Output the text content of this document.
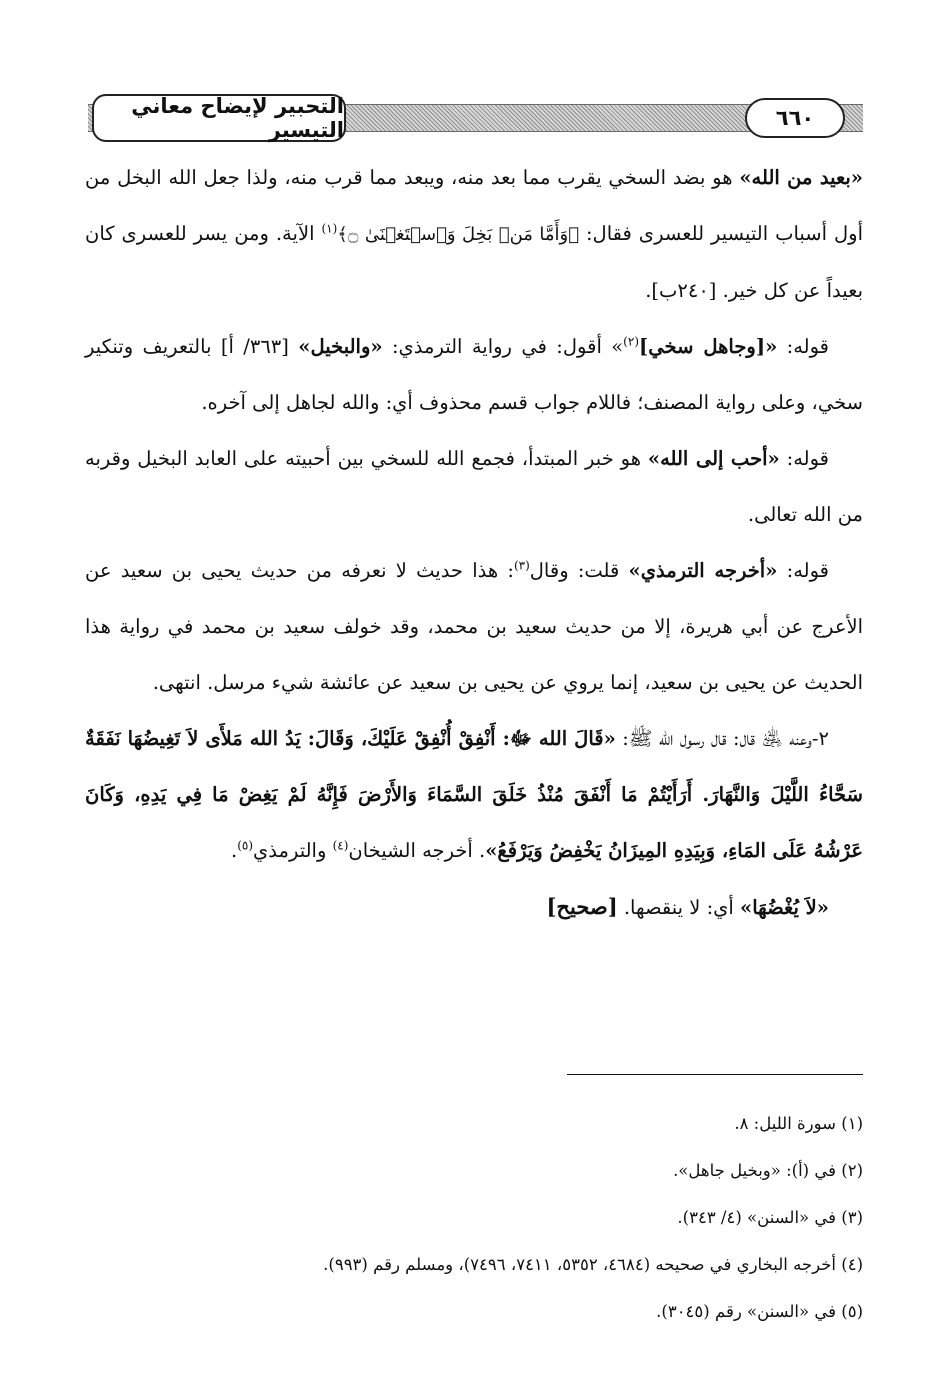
التحبير لإيضاح معاني التيسير	٦٦٠

«بعيد من الله» هو بضد السخي يقرب مما بعد منه، ويبعد مما قرب منه، ولذا جعل الله البخل من أول أسباب التيسير للعسرى فقال: ﴿وَأَمَّا مَنۢ بَخِلَ وَٱسۡتَغۡنَىٰ ۝﴾$^{(١)}$ الآية. ومن يسر للعسرى كان بعيداً عن كل خير. [٢٤٠ب].

قوله: «[وجاهل سخي]$^{(٢)}$» أقول: في رواية الترمذي: «والبخيل» [٣٦٣/ أ] بالتعريف وتنكير سخي، وعلى رواية المصنف؛ فاللام جواب قسم محذوف أي: والله لجاهل إلى آخره.

قوله: «أحب إلى الله» هو خبر المبتدأ، فجمع الله للسخي بين أحبيته على العابد البخيل وقربه من الله تعالى.

قوله: «أخرجه الترمذي» قلت: وقال$^{(٣)}$: هذا حديث لا نعرفه من حديث يحيى بن سعيد عن الأعرج عن أبي هريرة، إلا من حديث سعيد بن محمد، وقد خولف سعيد بن محمد في رواية هذا الحديث عن يحيى بن سعيد، إنما يروي عن يحيى بن سعيد عن عائشة شيء مرسل. انتهى.

٢-وعنه ﵁ قال: قال رسول الله ﷺ: «قَالَ الله ﷻ: أَنْفِقْ أُنْفِقْ عَلَيْكَ، وَقَالَ: يَدُ الله مَلأَى لاَ تَغِيضُهَا نَفَقَةٌ سَحَّاءُ اللَّيْلَ وَالنَّهَارَ. أَرَأَيْتُمْ مَا أَنْفَقَ مُنْذُ خَلَقَ السَّمَاءَ وَالأَرْضَ فَإِنَّهُ لَمْ يَغِضْ مَا فِي يَدِهِ، وَكَانَ عَرْشُهُ عَلَى المَاءِ، وَبِيَدِهِ المِيزَانُ يَخْفِضُ وَيَرْفَعُ». أخرجه الشيخان$^{(٤)}$ والترمذي$^{(٥)}$.

«لاَ يُغْضُهَا» أي: لا ينقصها. [صحيح]

(١) سورة الليل: ٨.

(٢) في (أ): «وبخيل جاهل».

(٣) في «السنن» (٤/ ٣٤٣).

(٤) أخرجه البخاري في صحيحه (٤٦٨٤، ٥٣٥٢، ٧٤١١، ٧٤٩٦)، ومسلم رقم (٩٩٣).

(٥) في «السنن» رقم (٣٠٤٥).
